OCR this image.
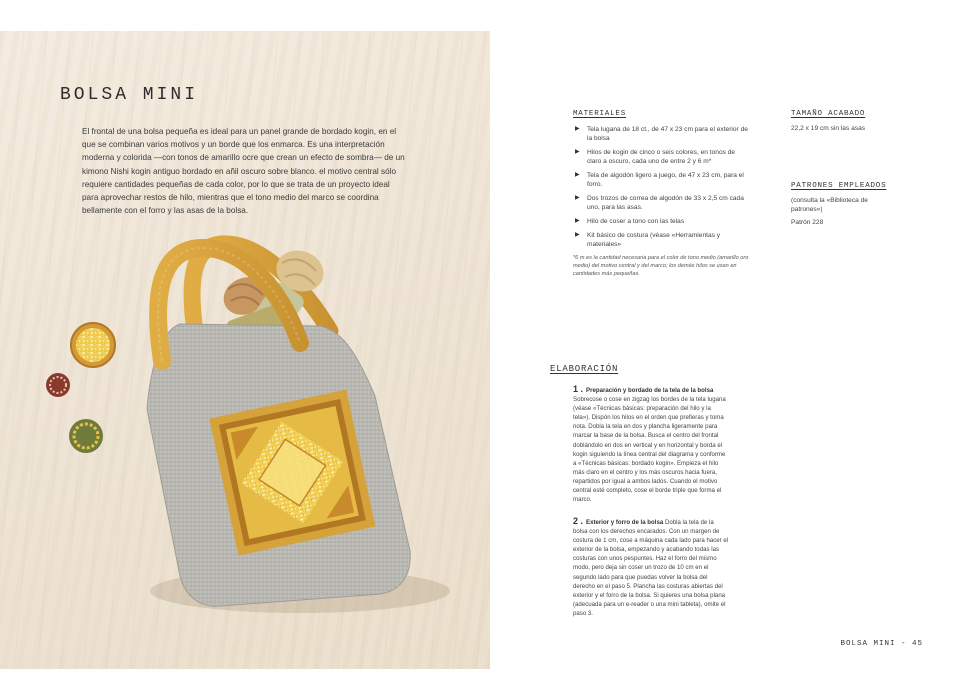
BOLSA MINI

El frontal de una bolsa pequeña es ideal para un panel grande de bordado kogin, en el que se combinan varios motivos y un borde que los enmarca. Es una interpretación moderna y colorida —con tonos de amarillo ocre que crean un efecto de sombra— de un kimono Nishi kogin antiguo bordado en añil oscuro sobre blanco. el motivo central sólo requiere cantidades pequeñas de cada color, por lo que se trata de un proyecto ideal para aprovechar restos de hilo, mientras que el tono medio del marco se coordina bellamente con el forro y las asas de la bolsa.

MATERIALES
▶ Tela lugana de 18 ct., de 47 x 23 cm para el exterior de la bolsa
▶ Hilos de kogin de cinco o seis colores, en tonos de claro a oscuro, cada uno de entre 2 y 6 m*
▶ Tela de algodón ligero a juego, de 47 x 23 cm, para el forro.
▶ Dos trozos de correa de algodón de 33 x 2,5 cm cada uno, para las asas.
▶ Hilo de coser a tono con las telas
▶ Kit básico de costura (véase «Herramientas y materiales»

*6 m es la cantidad necesaria para el color de tono medio (amarillo oro medio) del motivo central y del marco; los demás hilos se usan en cantidades más pequeñas.

TAMAÑO ACABADO
22,2 x 19 cm sin las asas
PATRONES EMPLEADOS
(consulta la «Biblioteca de patrones»)
Patrón 228
ELABORACIÓN
1 . Preparación y bordado de la tela de la bolsa
Sobrecose o cose en zigzag los bordes de la tela lugana (véase «Técnicas básicas: preparación del hilo y la tela»). Dispón los hilos en el orden que prefieras y toma nota. Dobla la tela en dos y plancha ligeramente para marcar la base de la bolsa. Busca el centro del frontal doblándolo en dos en vertical y en horizontal y borda el kogin siguiendo la línea central del diagrama y conforme a «Técnicas básicas: bordado kogin». Empieza el hilo más claro en el centro y los más oscuros hacia fuera, repartidos por igual a ambos lados. Cuando el motivo central esté completo, cose el borde triple que forma el marco.
2 . Exterior y forro de la bolsa Dobla la tela de la bolsa con los derechos encarados. Con un margen de costura de 1 cm, cose a máquina cada lado para hacer el exterior de la bolsa, empezando y acabando todas las costuras con unos pespuntes. Haz el forro del mismo modo, pero deja sin coser un trozo de 10 cm en el segundo lado para que puedas volver la bolsa del derecho en el paso 5. Plancha las costuras abiertas del exterior y el forro de la bolsa. Si quieres una bolsa plana (adecuada para un e-reader o una mini tableta), omite el paso 3.
BOLSA MINI - 45
